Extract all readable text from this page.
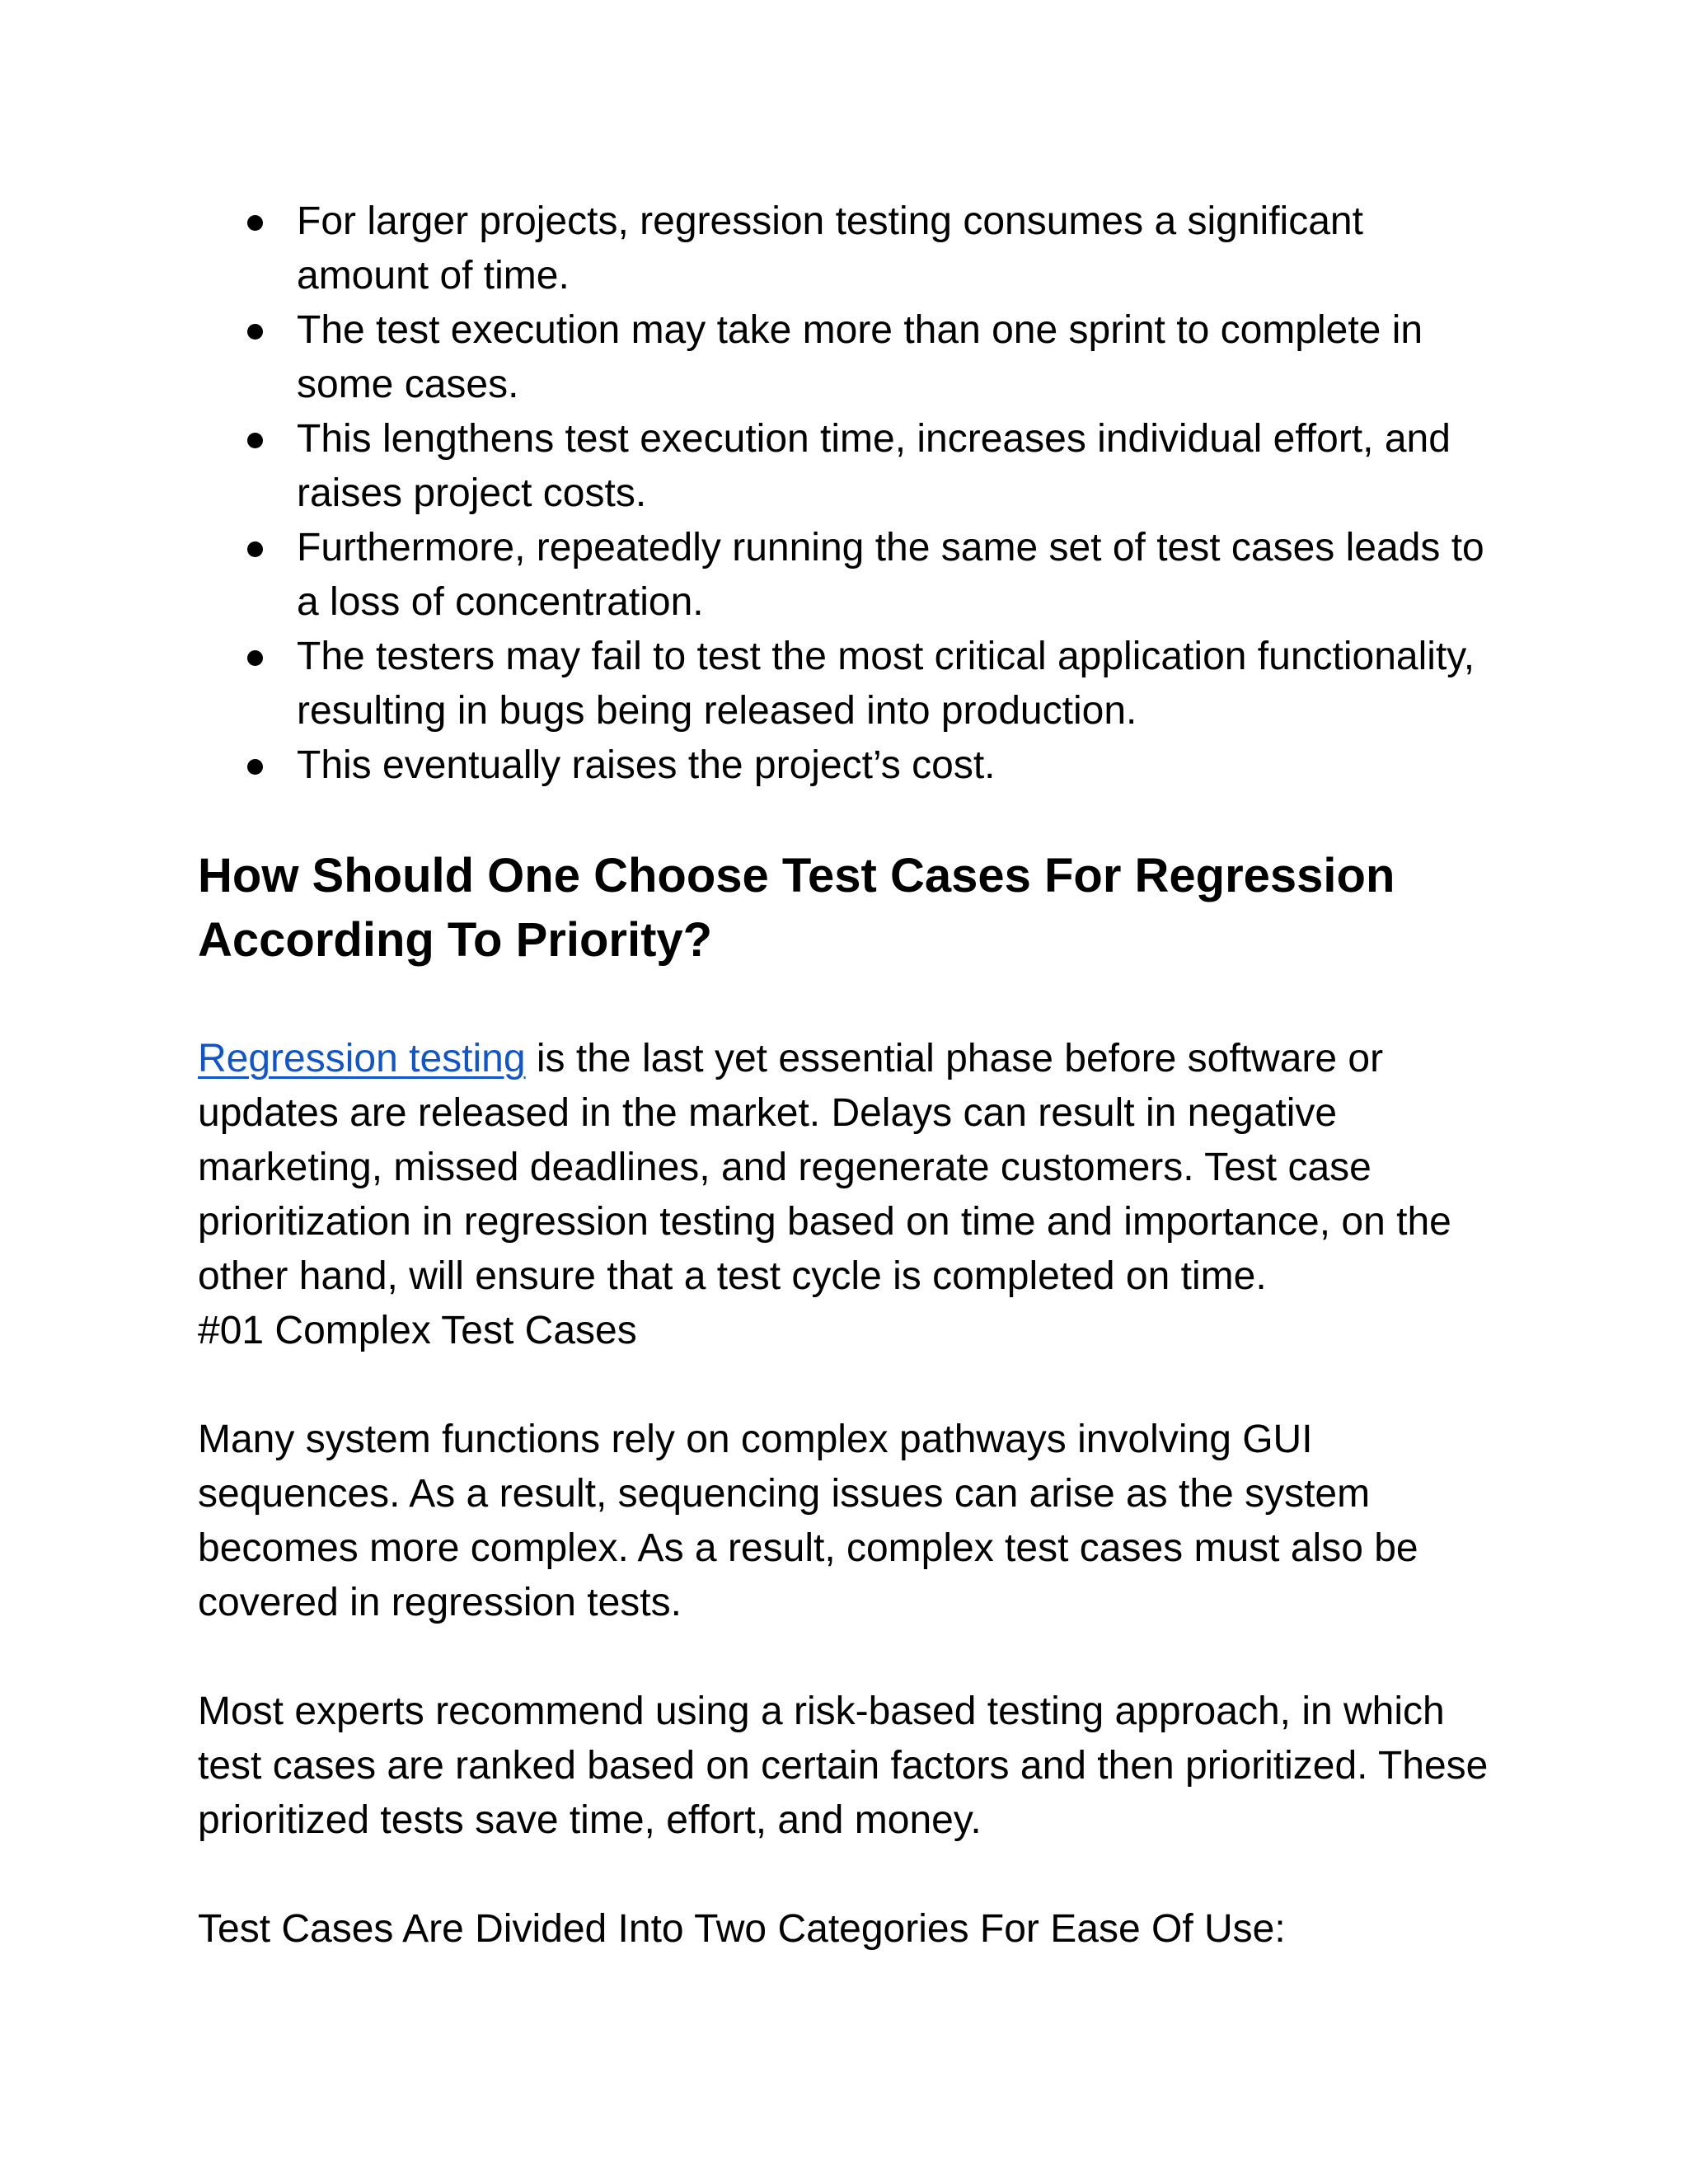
For larger projects, regression testing consumes a significant amount of time.
The test execution may take more than one sprint to complete in some cases.
This lengthens test execution time, increases individual effort, and raises project costs.
Furthermore, repeatedly running the same set of test cases leads to a loss of concentration.
The testers may fail to test the most critical application functionality, resulting in bugs being released into production.
This eventually raises the project’s cost.
How Should One Choose Test Cases For Regression According To Priority?

Regression testing is the last yet essential phase before software or updates are released in the market. Delays can result in negative marketing, missed deadlines, and regenerate customers. Test case prioritization in regression testing based on time and importance, on the other hand, will ensure that a test cycle is completed on time.

#01 Complex Test Cases

Many system functions rely on complex pathways involving GUI sequences. As a result, sequencing issues can arise as the system becomes more complex. As a result, complex test cases must also be covered in regression tests.

Most experts recommend using a risk-based testing approach, in which test cases are ranked based on certain factors and then prioritized. These prioritized tests save time, effort, and money.

Test Cases Are Divided Into Two Categories For Ease Of Use:
